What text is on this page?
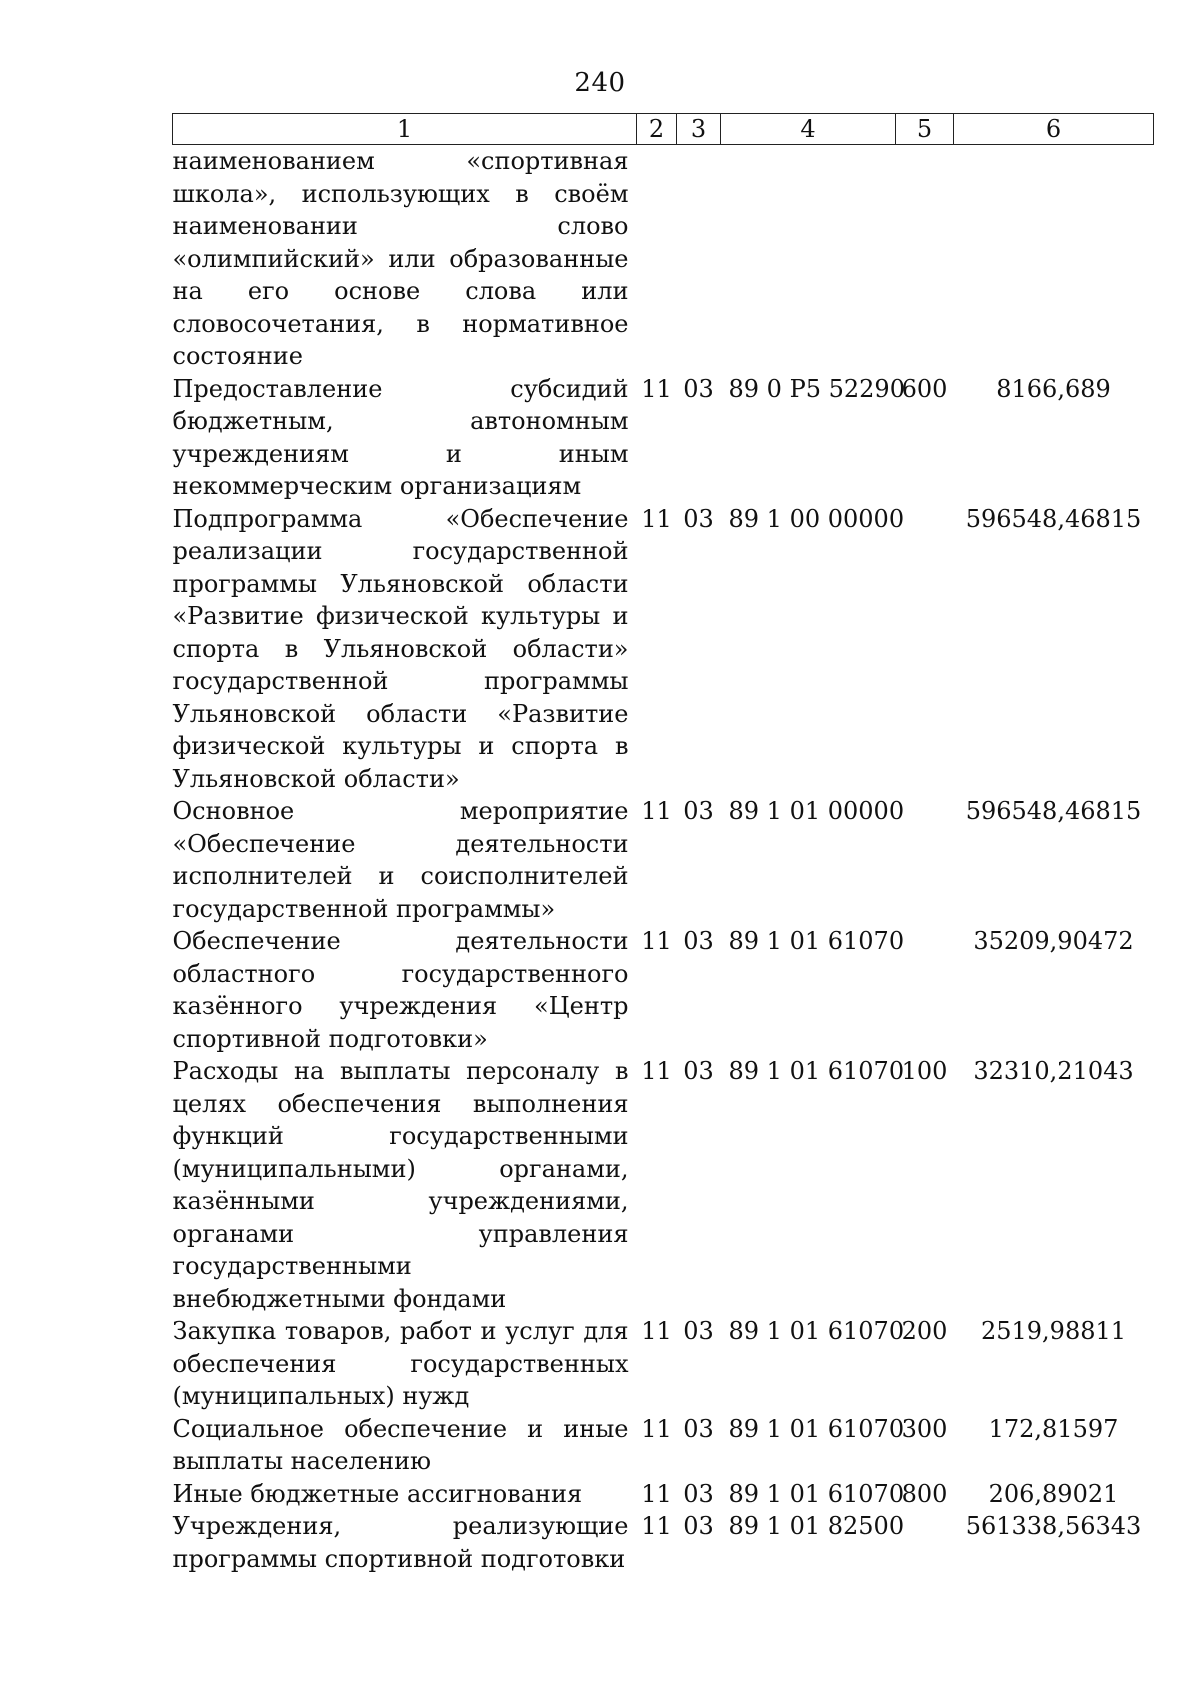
240
1	2	3	4	5	6
наименованием «спортивная школа», использующих в своём наименовании слово «олимпийский» или образованные на его основе слова или словосочетания, в нормативное состояние					
Предоставление субсидий бюджетным, автономным учреждениям и иным некоммерческим организациям	11	03	89 0 P5 52290	600	8166,689
Подпрограмма «Обеспечение реализации государственной программы Ульяновской области «Развитие физической культуры и спорта в Ульяновской области» государственной программы Ульяновской области «Развитие физической культуры и спорта в Ульяновской области»	11	03	89 1 00 00000		596548,46815
Основное мероприятие «Обеспечение деятельности исполнителей и соисполнителей государственной программы»	11	03	89 1 01 00000		596548,46815
Обеспечение деятельности областного государственного казённого учреждения «Центр спортивной подготовки»	11	03	89 1 01 61070		35209,90472
Расходы на выплаты персоналу в целях обеспечения выполнения функций государственными (муниципальными) органами, казёнными учреждениями, органами управления государственными внебюджетными фондами	11	03	89 1 01 61070	100	32310,21043
Закупка товаров, работ и услуг для обеспечения государственных (муниципальных) нужд	11	03	89 1 01 61070	200	2519,98811
Социальное обеспечение и иные выплаты населению	11	03	89 1 01 61070	300	172,81597
Иные бюджетные ассигнования	11	03	89 1 01 61070	800	206,89021
Учреждения, реализующие программы спортивной подготовки	11	03	89 1 01 82500		561338,56343
